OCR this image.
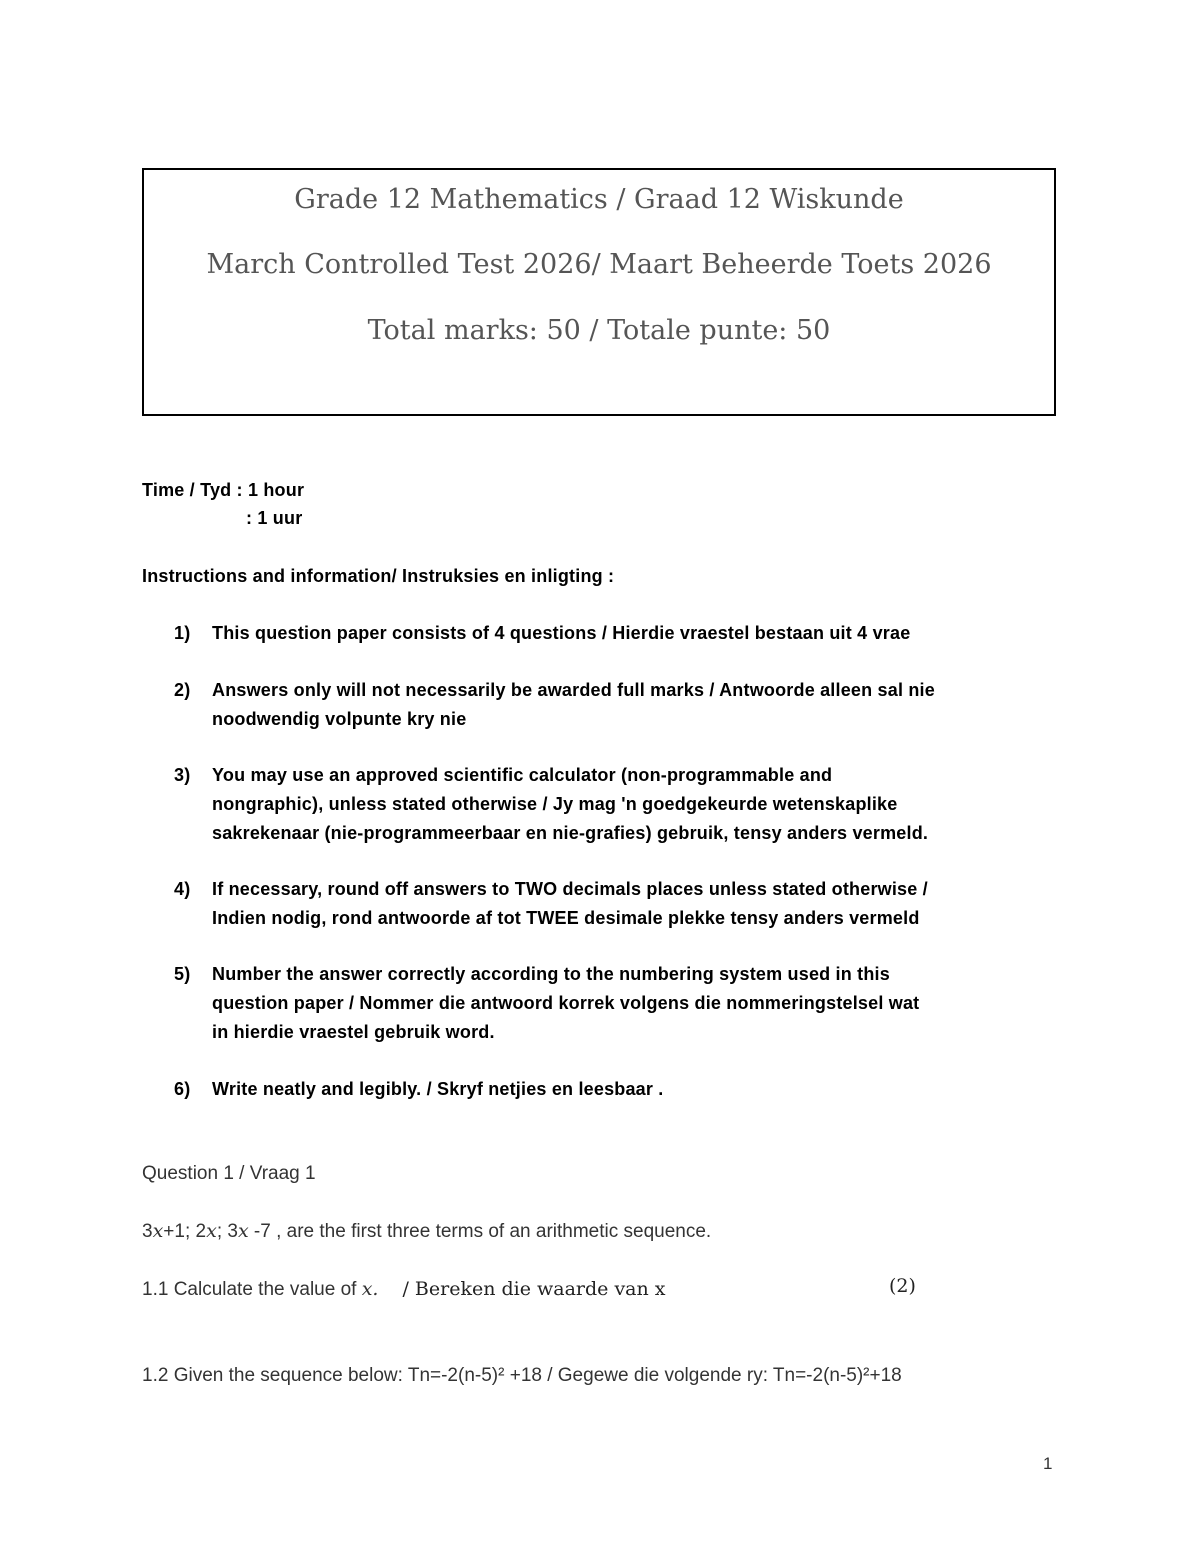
Grade 12 Mathematics / Graad 12 Wiskunde
March Controlled Test 2026/ Maart Beheerde Toets 2026
Total marks: 50 / Totale punte: 50
Time / Tyd : 1 hour
: 1 uur
Instructions and information/ Instruksies en inligting :
1) This question paper consists of 4 questions / Hierdie vraestel bestaan uit 4 vrae
2) Answers only will not necessarily be awarded full marks / Antwoorde alleen sal nie
noodwendig volpunte kry nie
3) You may use an approved scientific calculator (non-programmable and
nongraphic), unless stated otherwise / Jy mag 'n goedgekeurde wetenskaplike
sakrekenaar (nie-programmeerbaar en nie-grafies) gebruik, tensy anders vermeld.
4) If necessary, round off answers to TWO decimals places unless stated otherwise /
Indien nodig, rond antwoorde af tot TWEE desimale plekke tensy anders vermeld
5) Number the answer correctly according to the numbering system used in this
question paper / Nommer die antwoord korrek volgens die nommeringstelsel wat
in hierdie vraestel gebruik word.
6) Write neatly and legibly. / Skryf netjies en leesbaar .
Question 1 / Vraag 1
3x+1; 2x; 3x -7 , are the first three terms of an arithmetic sequence.
1.1 Calculate the value of x. / Bereken die waarde van x	(2)
1.2 Given the sequence below: Tn=-2(n-5)² +18 / Gegewe die volgende ry: Tn=-2(n-5)²+18
1
